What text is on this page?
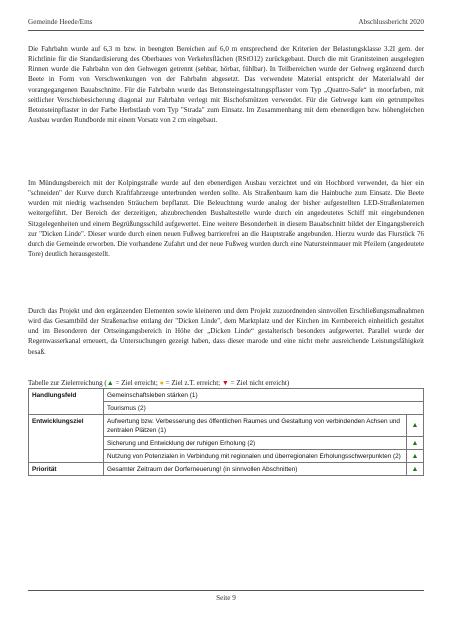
Gemeinde Heede/Ems	Abschlussbericht 2020

Die Fahrbahn wurde auf 6,3 m bzw. in beengten Bereichen auf 6,0 m entsprechend der Kriterien der Belastungsklasse 3.2I gem. der Richtlinie für die Standardisierung des Oberbaues von Verkehrsflächen (RStO12) zurückgebaut. Durch die mit Granitsteinen ausgelegten Rinnen wurde die Fahrbahn von den Gehwegen getrennt (sehbar, hörbar, fühlbar). In Teilbereichen wurde der Gehweg ergänzend durch Beete in Form von Verschwenkungen von der Fahrbahn abgesetzt. Das verwendete Material entspricht der Materialwahl der vorangegangenen Bauabschnitte. Für die Fahrbahn wurde das Betonsteingestaltungspflaster vom Typ „Quattro-Safe“ in moorfarben, mit seitlicher Verschiebesicherung diagonal zur Fahrbahn verlegt mit Bischofsmützen verwendet. Für die Gehwege kam ein getrumpeltes Betonsteinpflaster in der Farbe Herbstlaub vom Typ "Strada" zum Einsatz. Im Zusammenhang mit dem ebenerdigen bzw. höhengleichen Ausbau wurden Rundborde mit einem Vorsatz von 2 cm eingebaut.

Im Mündungsbereich mit der Kolpingstraße wurde auf den ebenerdigen Ausbau verzichtet und ein Hochbord verwendet, da hier ein "schneiden" der Kurve durch Kraftfahrzeuge unterbunden werden sollte. Als Straßenbaum kam die Hainbuche zum Einsatz. Die Beete wurden mit niedrig wachsenden Sträuchern bepflanzt. Die Beleuchtung wurde analog der bisher aufgestellten LED-Straßenlaternen weitergeführt. Der Bereich der derzeitigen, abzubrechenden Bushaltestelle wurde durch ein angedeutetes Schiff mit eingebundenen Sitzgelegenheiten und einem Begrüßungsschild aufgewertet. Eine weitere Besonderheit in diesem Bauabschnitt bildet der Eingangsbereich zur "Dicken Linde". Dieser wurde durch einen neuen Fußweg barrierefrei an die Hauptstraße angebunden. Hierzu wurde das Flurstück 76 durch die Gemeinde erworben. Die vorhandene Zufahrt und der neue Fußweg wurden durch eine Natursteinmauer mit Pfeilern (angedeutete Tore) deutlich herausgestellt.

Durch das Projekt und den ergänzenden Elementen sowie kleineren und dem Projekt zuzuordnenden sinnvollen Erschließungsmaßnahmen wird das Gesamtbild der Straßenachse entlang der "Dicken Linde", dem Marktplatz und der Kirchen im Kernbereich einheitlich gestaltet und im Besonderen der Ortseingangsbereich in Höhe der „Dicken Linde“ gestalterisch besonders aufgewertet. Parallel wurde der Regenwasserkanal erneuert, da Untersuchungen gezeigt haben, dass dieser marode und eine nicht mehr ausreichende Leistungsfähigkeit besaß.

Tabelle zur Zielerreichung (▲ = Ziel erreicht; ● = Ziel z.T. erreicht; ▼ = Ziel nicht erreicht)
Handlungsfeld	Gemeinschaftsleben stärken (1)	
	Tourismus (2)	
Entwicklungsziel	Aufwertung bzw. Verbesserung des öffentlichen Raumes und Gestaltung von verbindenden Achsen und zentralen Plätzen (1)	▲
	Sicherung und Entwicklung der ruhigen Erholung (2)	▲
	Nutzung von Potenzialen in Verbindung mit regionalen und überregionalen Erholungsschwerpunkten (2)	▲
Priorität	Gesamter Zeitraum der Dorferneuerung! (in sinnvollen Abschnitten)	▲
Seite 9
